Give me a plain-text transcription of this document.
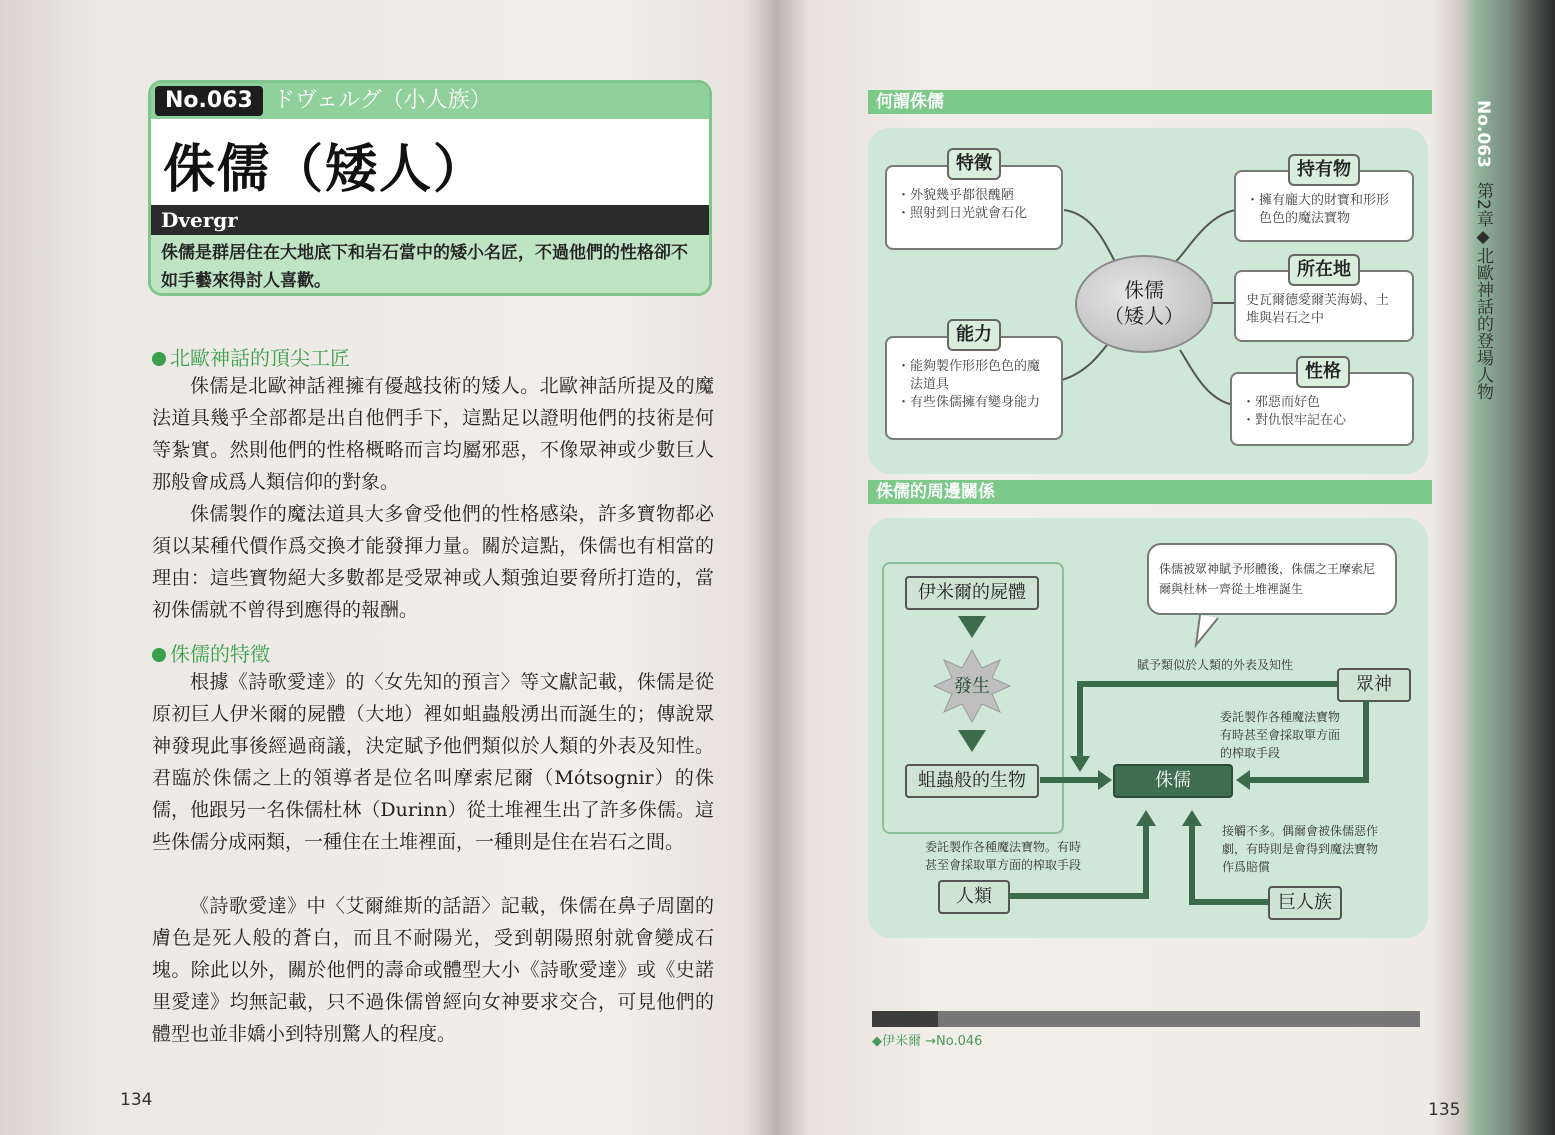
No.063 ドヴェルグ（小人族）
侏儒（矮人）
Dvergr
侏儒是群居住在大地底下和岩石當中的矮小名匠，不過他們的性格卻不如手藝來得討人喜歡。
北歐神話的頂尖工匠
侏儒是北歐神話裡擁有優越技術的矮人。北歐神話所提及的魔法道具幾乎全部都是出自他們手下，這點足以證明他們的技術是何等紮實。然則他們的性格概略而言均屬邪惡，不像眾神或少數巨人那般會成爲人類信仰的對象。
侏儒製作的魔法道具大多會受他們的性格感染，許多寶物都必須以某種代價作爲交換才能發揮力量。關於這點，侏儒也有相當的理由：這些寶物絕大多數都是受眾神或人類強迫要脅所打造的，當初侏儒就不曾得到應得的報酬。
侏儒的特徵
根據《詩歌愛達》的〈女先知的預言〉等文獻記載，侏儒是從原初巨人伊米爾的屍體（大地）裡如蛆蟲般湧出而誕生的；傳說眾神發現此事後經過商議，決定賦予他們類似於人類的外表及知性。君臨於侏儒之上的領導者是位名叫摩索尼爾（Mótsognir）的侏儒，他跟另一名侏儒杜林（Durinn）從土堆裡生出了許多侏儒。這些侏儒分成兩類，一種住在土堆裡面，一種則是住在岩石之間。
《詩歌愛達》中〈艾爾維斯的話語〉記載，侏儒在鼻子周圍的膚色是死人般的蒼白，而且不耐陽光，受到朝陽照射就會變成石塊。除此以外，關於他們的壽命或體型大小《詩歌愛達》或《史諾里愛達》均無記載，只不過侏儒曾經向女神要求交合，可見他們的體型也並非嬌小到特別驚人的程度。
134
何謂侏儒
・外貌幾乎都很醜陋
・照射到日光就會石化
特徵
・能夠製作形形色色的魔
　法道具
・有些侏儒擁有變身能力
能力
侏儒
（矮人）
・擁有龐大的財寶和形形
　色色的魔法寶物
持有物
史瓦爾德愛爾芙海姆、土
堆與岩石之中
所在地
・邪惡而好色
・對仇恨牢記在心
性格
侏儒的周邊關係
伊米爾的屍體
蛆蟲般的生物
侏儒被眾神賦予形體後，侏儒之王摩索尼爾與杜林一齊從土堆裡誕生
賦予類似於人類的外表及知性
眾神
委託製作各種魔法寶物
有時甚至會採取單方面
的榨取手段
侏儒
委託製作各種魔法寶物。有時
甚至會採取單方面的榨取手段
人類
接觸不多。偶爾會被侏儒惡作
劇，有時則是會得到魔法寶物
作爲賠償
巨人族
發生
◆伊米爾 →No.046
No.063
第2章◆北歐神話的登場人物
135
